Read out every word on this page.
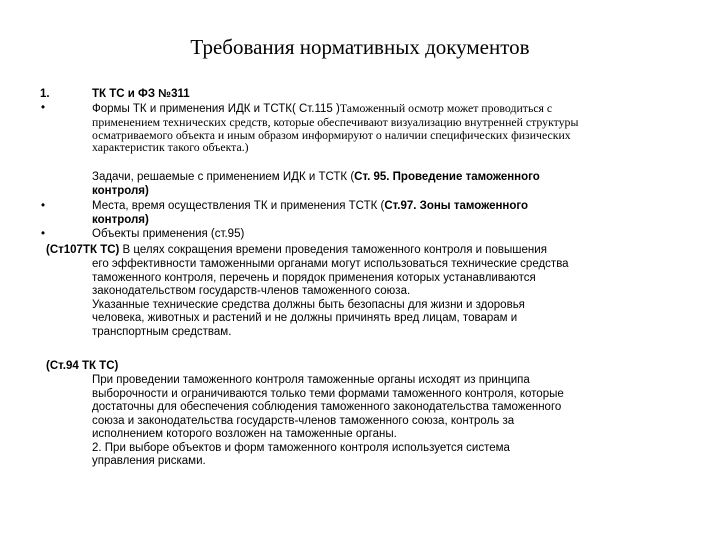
Требования нормативных документов
1.	ТК ТС и ФЗ №311
•	Формы ТК и применения ИДК и ТСТК( Ст.115 )Таможенный осмотр может проводиться с
применением технических средств, которые обеспечивают визуализацию внутренней структуры
осматриваемого объекта и иным образом информируют о наличии специфических физических
характеристик такого объекта.)
Задачи, решаемые с применением ИДК и ТСТК (Ст. 95. Проведение таможенного
контроля)
•	Места, время осуществления ТК и применения ТСТК (Ст.97. Зоны таможенного
контроля)
•	Объекты применения (ст.95)
(Ст107ТК ТС) В целях сокращения времени проведения таможенного контроля и повышения
его эффективности таможенными органами могут использоваться технические средства
таможенного контроля, перечень и порядок применения которых устанавливаются
законодательством государств-членов таможенного союза.
Указанные технические средства должны быть безопасны для жизни и здоровья
человека, животных и растений и не должны причинять вред лицам, товарам и
транспортным средствам.
(Ст.94 ТК ТС)
При проведении таможенного контроля таможенные органы исходят из принципа
выборочности и ограничиваются только теми формами таможенного контроля, которые
достаточны для обеспечения соблюдения таможенного законодательства таможенного
союза и законодательства государств-членов таможенного союза, контроль за
исполнением которого возложен на таможенные органы.
2. При выборе объектов и форм таможенного контроля используется система
управления рисками.
